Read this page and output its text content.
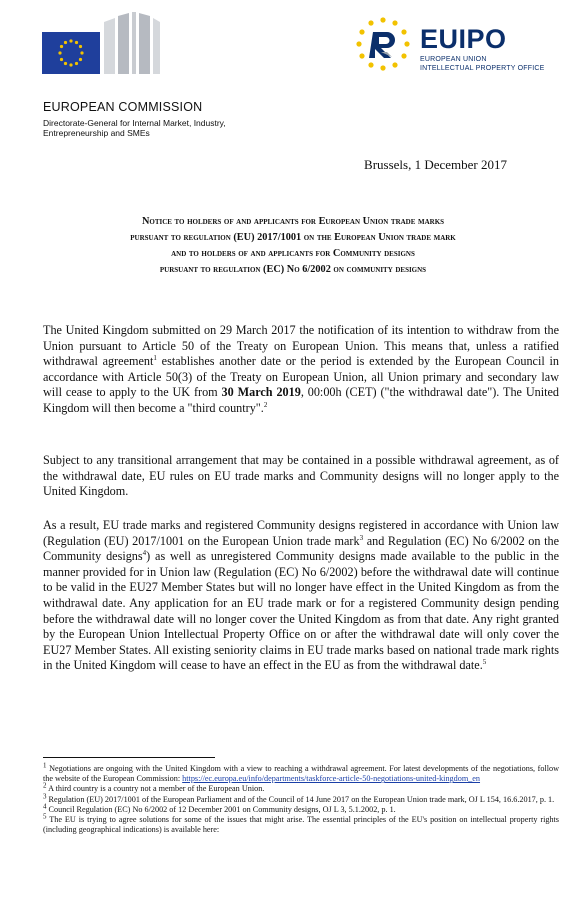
EUIPO
EUROPEAN UNION
INTELLECTUAL PROPERTY OFFICE
EUROPEAN COMMISSION
Directorate-General for Internal Market, Industry,
Entrepreneurship and SMEs
Brussels, 1 December 2017
Notice to holders of and applicants for European Union trade marks
pursuant to regulation (EU) 2017/1001 on the European Union trade mark
and to holders of and applicants for Community designs
pursuant to regulation (EC) No 6/2002 on community designs
The United Kingdom submitted on 29 March 2017 the notification of its intention to withdraw from the Union pursuant to Article 50 of the Treaty on European Union. This means that, unless a ratified withdrawal agreement$^1$ establishes another date or the period is extended by the European Council in accordance with Article 50(3) of the Treaty on European Union, all Union primary and secondary law will cease to apply to the UK from 30 March 2019, 00:00h (CET) ("the withdrawal date"). The United Kingdom will then become a "third country".$^2$
Subject to any transitional arrangement that may be contained in a possible withdrawal agreement, as of the withdrawal date, EU rules on EU trade marks and Community designs will no longer apply to the United Kingdom.
As a result, EU trade marks and registered Community designs registered in accordance with Union law (Regulation (EU) 2017/1001 on the European Union trade mark$^3$ and Regulation (EC) No 6/2002 on the Community designs$^4$) as well as unregistered Community designs made available to the public in the manner provided for in Union law (Regulation (EC) No 6/2002) before the withdrawal date will continue to be valid in the EU27 Member States but will no longer have effect in the United Kingdom as from the withdrawal date. Any application for an EU trade mark or for a registered Community design pending before the withdrawal date will no longer cover the United Kingdom as from that date. Any right granted by the European Union Intellectual Property Office on or after the withdrawal date will only cover the EU27 Member States. All existing seniority claims in EU trade marks based on national trade mark rights in the United Kingdom will cease to have an effect in the EU as from the withdrawal date.$^5$

$^1$ Negotiations are ongoing with the United Kingdom with a view to reaching a withdrawal agreement. For latest developments of the negotiations, follow the website of the European Commission: https://ec.europa.eu/info/departments/taskforce-article-50-negotiations-united-kingdom_en

$^2$ A third country is a country not a member of the European Union.

$^3$ Regulation (EU) 2017/1001 of the European Parliament and of the Council of 14 June 2017 on the European Union trade mark, OJ L 154, 16.6.2017, p. 1.

$^4$ Council Regulation (EC) No 6/2002 of 12 December 2001 on Community designs, OJ L 3, 5.1.2002, p. 1.

$^5$ The EU is trying to agree solutions for some of the issues that might arise. The essential principles of the EU's position on intellectual property rights (including geographical indications) is available here:
